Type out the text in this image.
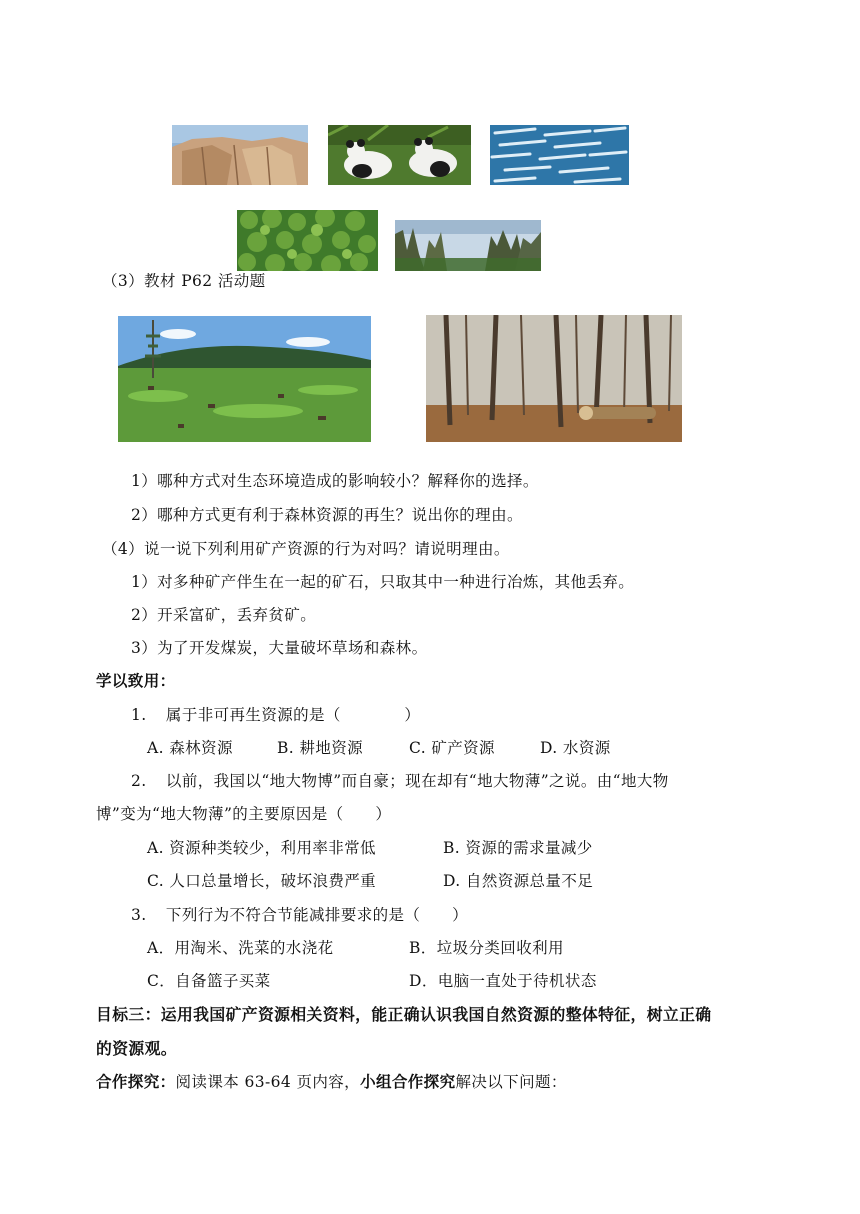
（3）教材 P62 活动题
1）哪种方式对生态环境造成的影响较小？解释你的选择。
2）哪种方式更有利于森林资源的再生？说出你的理由。
（4）说一说下列利用矿产资源的行为对吗？请说明理由。
1）对多种矿产伴生在一起的矿石，只取其中一种进行冶炼，其他丢弃。
2）开采富矿，丢弃贫矿。
3）为了开发煤炭，大量破坏草场和森林。
学以致用：
1. 属于非可再生资源的是（　　　　）
A. 森林资源	B. 耕地资源	C. 矿产资源	D. 水资源
2. 以前，我国以“地大物博”而自豪；现在却有“地大物薄”之说。由“地大物
博”变为“地大物薄”的主要原因是（　　）
A. 资源种类较少，利用率非常低	B. 资源的需求量减少
C. 人口总量增长，破坏浪费严重	D. 自然资源总量不足
3. 下列行为不符合节能减排要求的是（　　）
A．用淘米、洗菜的水浇花	B．垃圾分类回收利用
C．自备篮子买菜	D．电脑一直处于待机状态
目标三：运用我国矿产资源相关资料，能正确认识我国自然资源的整体特征，树立正确
的资源观。
合作探究：阅读课本 63-64 页内容，小组合作探究解决以下问题：
